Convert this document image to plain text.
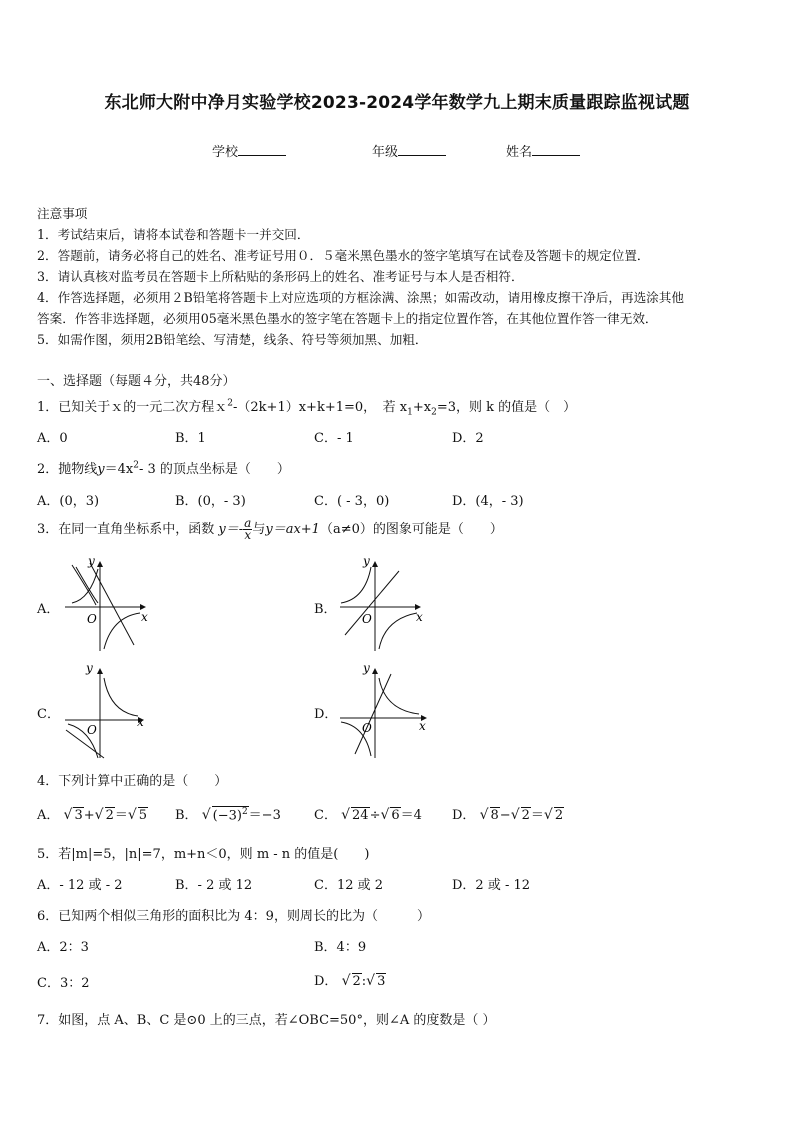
东北师大附中净月实验学校2023-2024学年数学九上期末质量跟踪监视试题
学校	年级	姓名
注意事项
1．考试结束后，请将本试卷和答题卡一并交回．
2．答题前，请务必将自己的姓名、准考证号用０．５毫米黑色墨水的签字笔填写在试卷及答题卡的规定位置．
3．请认真核对监考员在答题卡上所粘贴的条形码上的姓名、准考证号与本人是否相符．
4．作答选择题，必须用２B铅笔将答题卡上对应选项的方框涂满、涂黑；如需改动，请用橡皮擦干净后，再选涂其他
答案．作答非选择题，必须用05毫米黑色墨水的签字笔在答题卡上的指定位置作答，在其他位置作答一律无效．
5．如需作图，须用2B铅笔绘、写清楚，线条、符号等须加黑、加粗．
一、选择题（每题４分，共48分）
1．已知关于ｘ的一元二次方程ｘ$^2$-（2k+1）x+k+1=0，　若 $x_1+x_2=3$，则 k 的值是（　）
A．0	B．1	C．- 1	D．2
2．抛物线$y=4x^2-$ 3 的顶点坐标是（　　）
A．(0，3)	B．(0，- 3)	C．( - 3，0)	D．(4，- 3)
3．在同一直角坐标系中，函数 $y=- \frac{a}{x}$ 与y＝ax+1（a≠0）的图象可能是（　　）
A．	B．
C．	D．
y
x
O
y
x
O
y
x
O
y
x
O
4．下列计算中正确的是（　　）
A． √ 3+√ 2＝√ 5 B． √ $(-3)^2=-3$	C． √ 24÷√ 6＝4 D． √ 8−√ 2＝√ 2
5．若|m|=5，|n|=7，m+n＜0，则 m - n 的值是(　　)
A．- 12 或 - 2	B．- 2 或 12	C．12 或 2	D．2 或 - 12
6．已知两个相似三角形的面积比为 4：9，则周长的比为（　　　）
A．2：3	B．4：9
C．3：2	D． √ 2:√ 3
7．如图，点 A、B、C 是⊙0 上的三点，若∠OBC=50°，则∠A 的度数是（ ）
